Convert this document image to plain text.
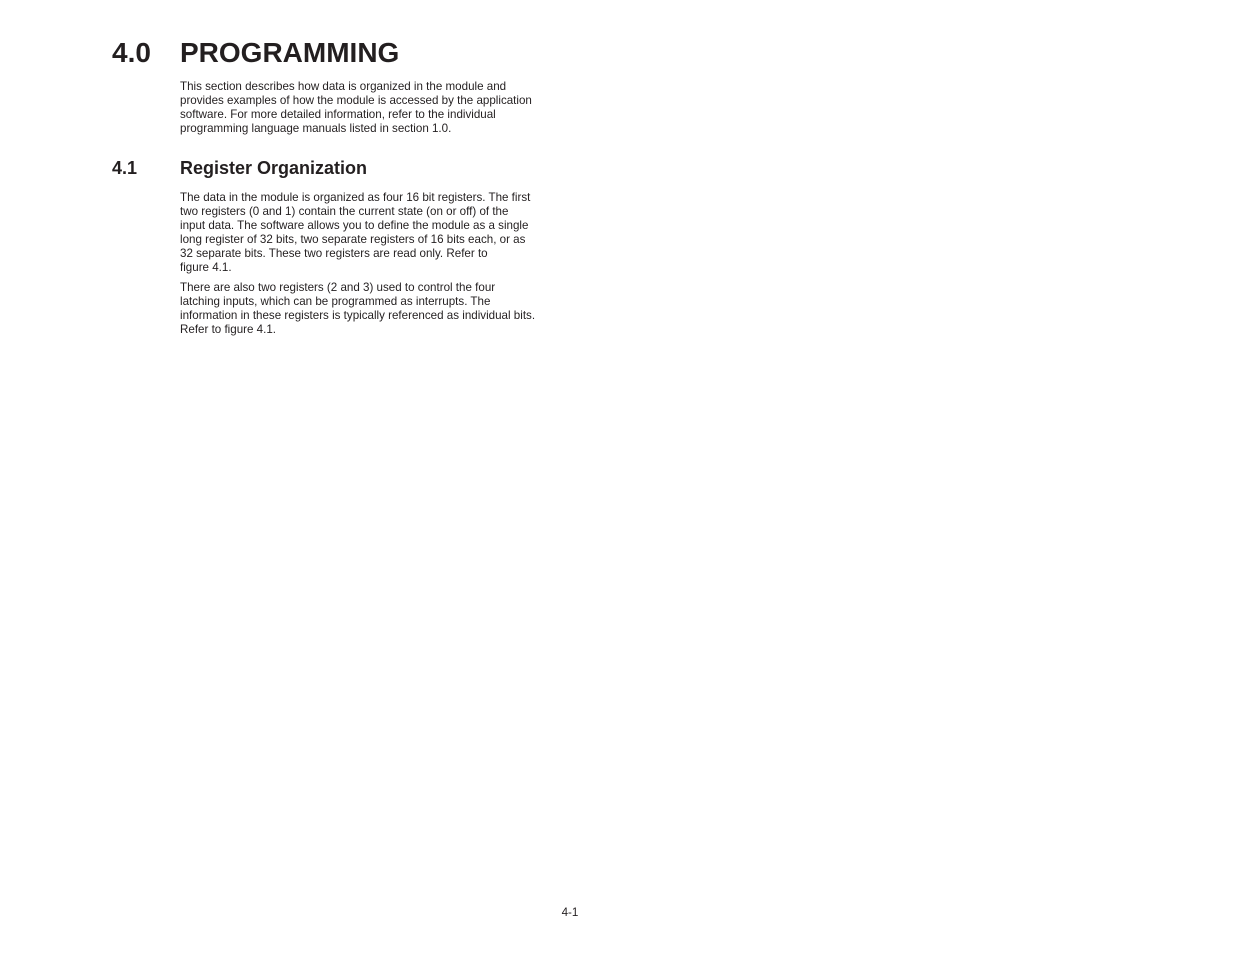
4.0 PROGRAMMING

This section describes how data is organized in the module and
provides examples of how the module is accessed by the application
software. For more detailed information, refer to the individual
programming language manuals listed in section 1.0.

4.1 Register Organization

The data in the module is organized as four 16 bit registers. The first
two registers (0 and 1) contain the current state (on or off) of the
input data. The software allows you to define the module as a single
long register of 32 bits, two separate registers of 16 bits each, or as
32 separate bits. These two registers are read only. Refer to
figure 4.1.

There are also two registers (2 and 3) used to control the four
latching inputs, which can be programmed as interrupts. The
information in these registers is typically referenced as individual bits.
Refer to figure 4.1.

4-1
